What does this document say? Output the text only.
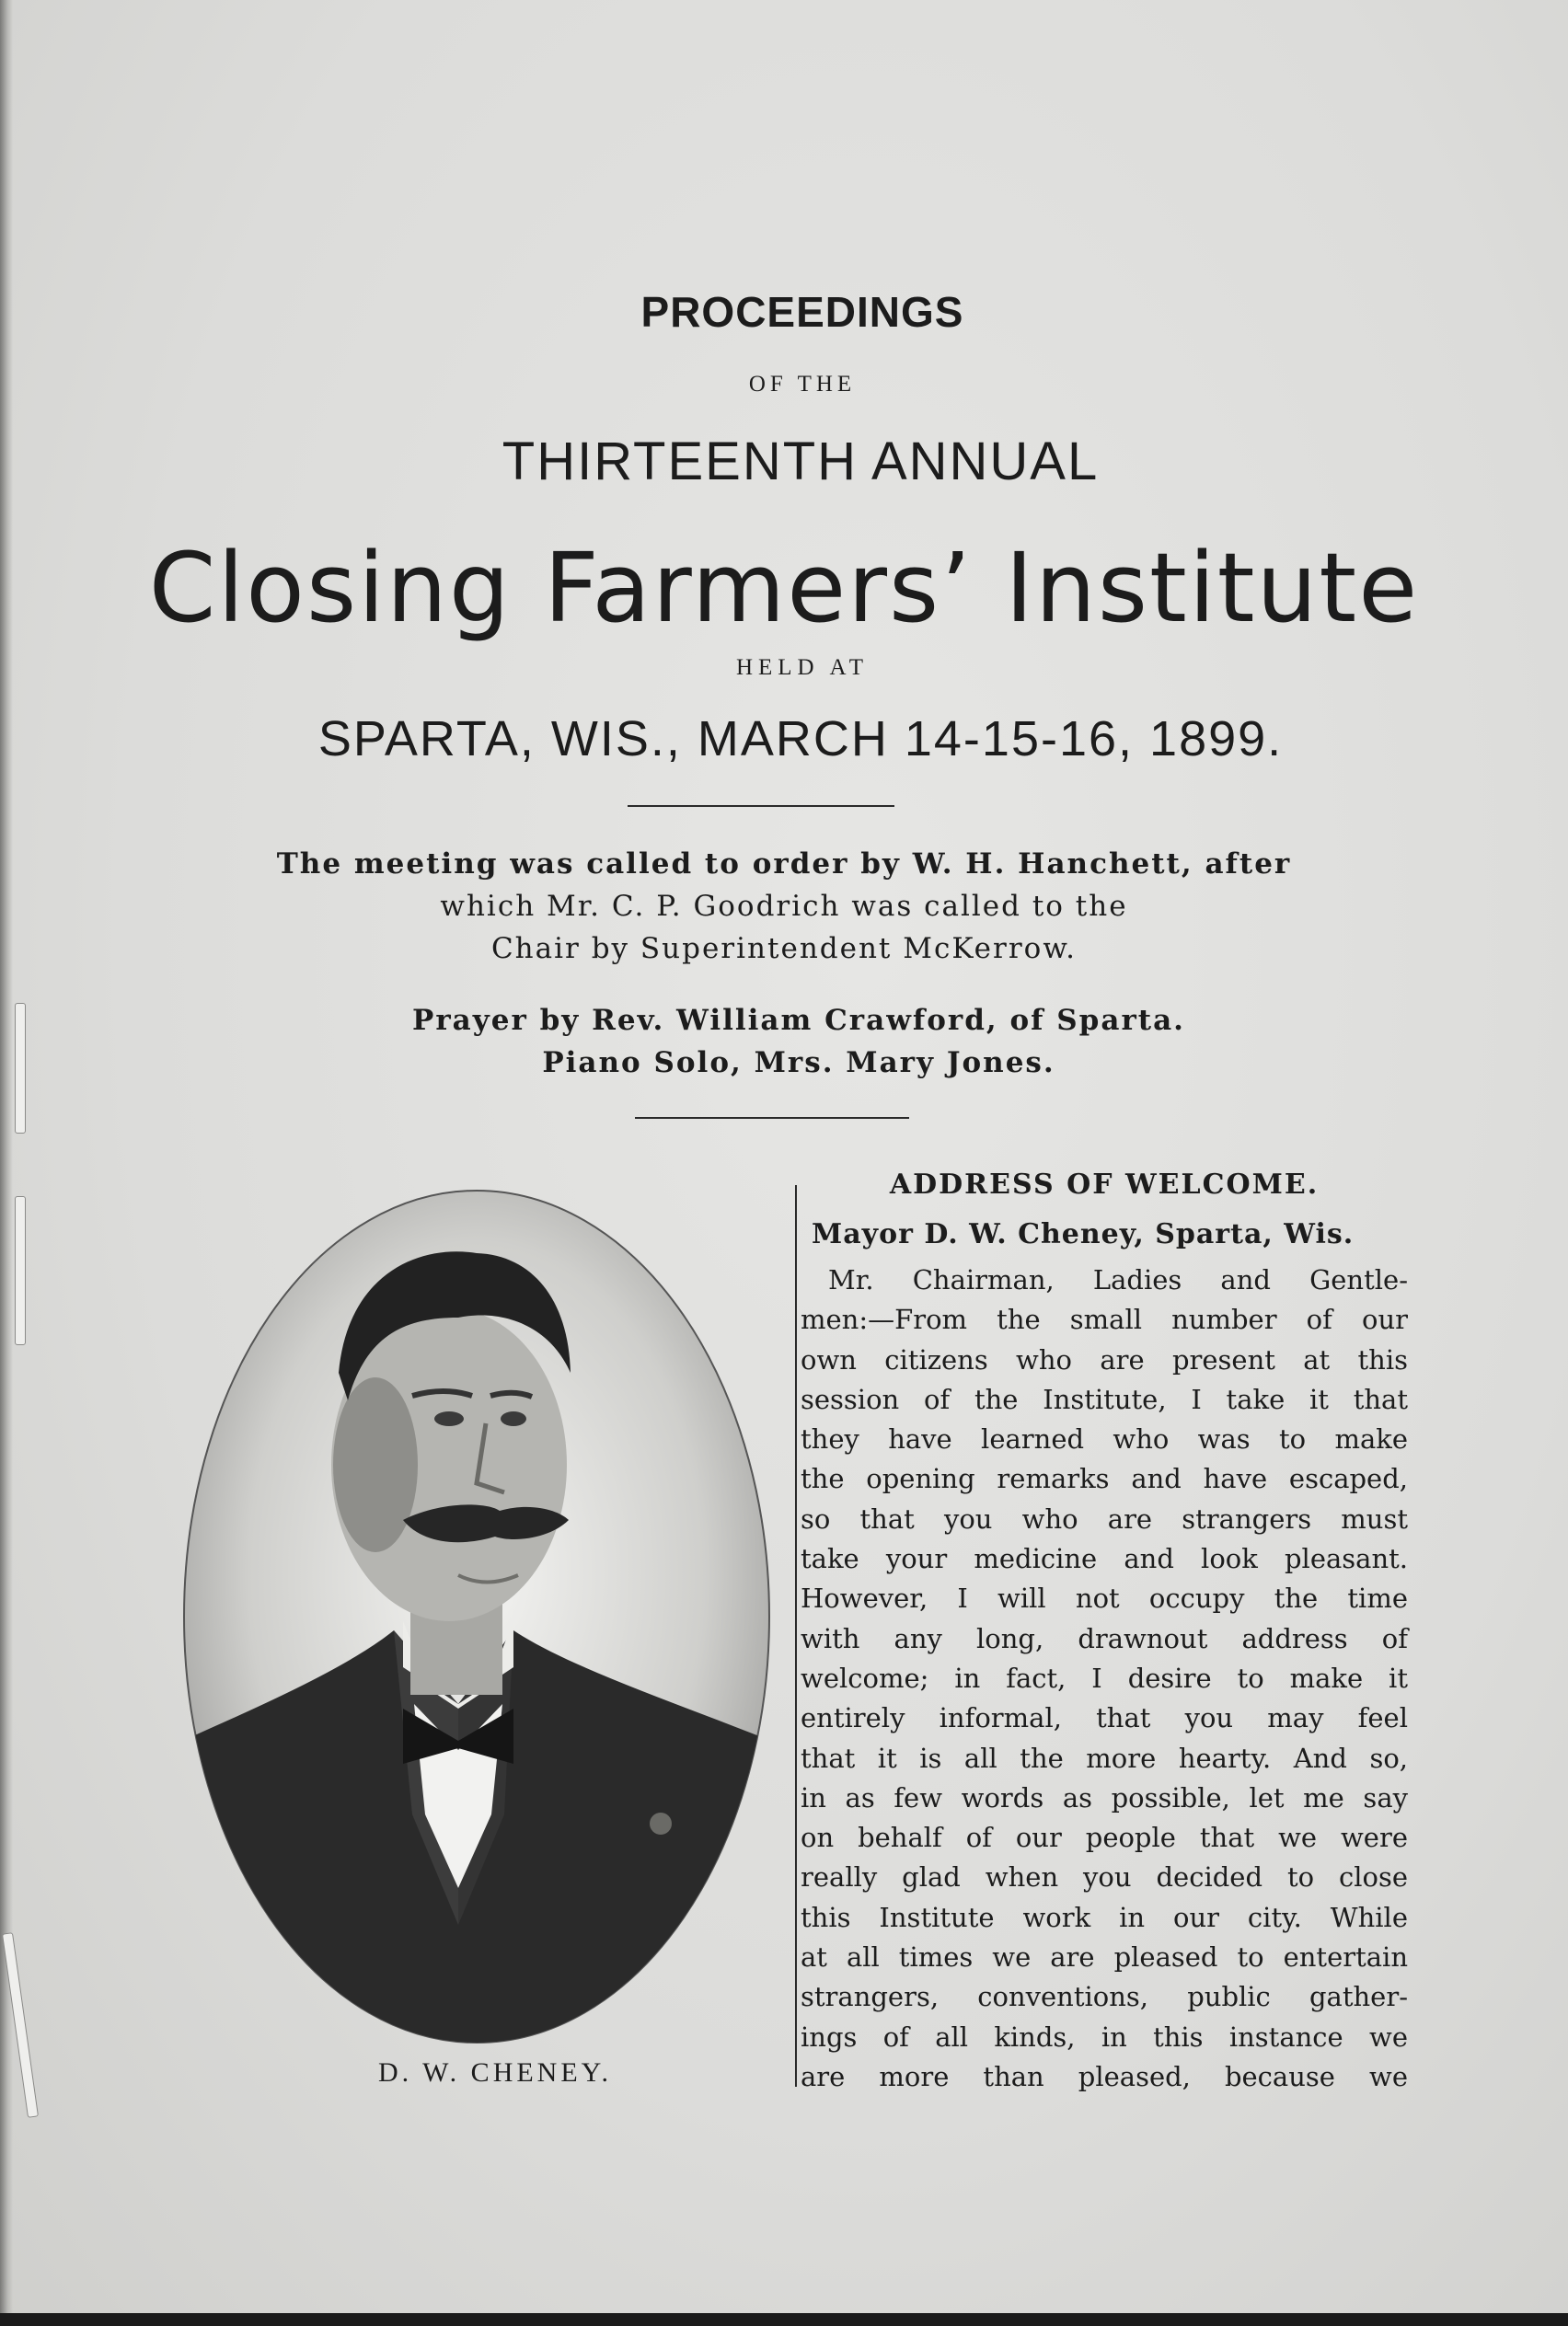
PROCEEDINGS
OF THE
THIRTEENTH ANNUAL
Closing Farmers’ Institute
HELD AT
SPARTA, WIS., MARCH 14-15-16, 1899.
The meeting was called to order by W. H. Hanchett, after
which Mr. C. P. Goodrich was called to the
Chair by Superintendent McKerrow.
Prayer by Rev. William Crawford, of Sparta.
Piano Solo, Mrs. Mary Jones.
D. W. CHENEY.
ADDRESS OF WELCOME.
Mayor D. W. Cheney, Sparta, Wis.
Mr. Chairman, Ladies and Gentle-
men:—From the small number of our
own citizens who are present at this
session of the Institute, I take it that
they have learned who was to make
the opening remarks and have escaped,
so that you who are strangers must
take your medicine and look pleasant.
However, I will not occupy the time
with any long, drawnout address of
welcome; in fact, I desire to make it
entirely informal, that you may feel
that it is all the more hearty. And so,
in as few words as possible, let me say
on behalf of our people that we were
really glad when you decided to close
this Institute work in our city. While
at all times we are pleased to entertain
strangers, conventions, public gather-
ings of all kinds, in this instance we
are more than pleased, because we
